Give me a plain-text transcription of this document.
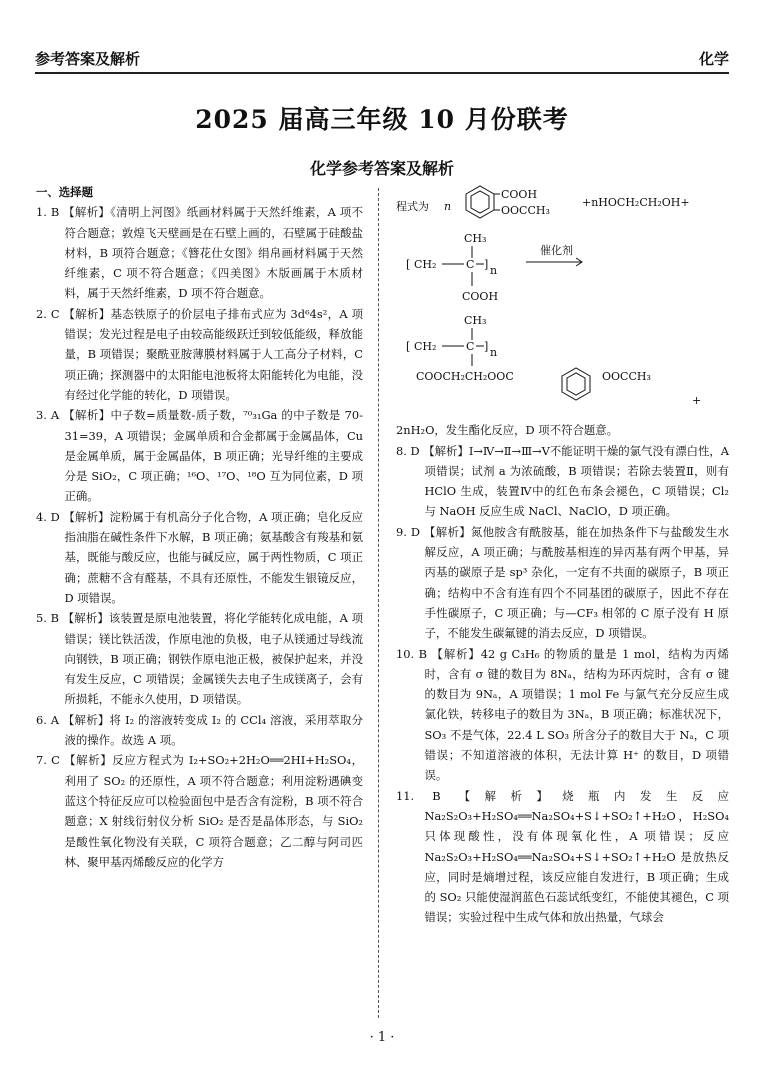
参考答案及解析	化学
2025 届高三年级 10 月份联考
化学参考答案及解析
一、选择题

1. B 【解析】《清明上河图》纸画材料属于天然纤维素，A 项不符合题意；敦煌飞天壁画是在石壁上画的，石壁属于硅酸盐材料，B 项符合题意；《簪花仕女图》绢帛画材料属于天然纤维素，C 项不符合题意；《四美图》木版画属于木质材料，属于天然纤维素，D 项不符合题意。

2. C 【解析】基态铁原子的价层电子排布式应为 3d⁶4s²，A 项错误；发光过程是电子由较高能级跃迁到较低能级，释放能量，B 项错误；聚酰亚胺薄膜材料属于人工高分子材料，C 项正确；探测器中的太阳能电池板将太阳能转化为电能，没有经过化学能的转化，D 项错误。

3. A 【解析】中子数=质量数-质子数，⁷⁰₃₁Ga 的中子数是 70-31=39，A 项错误；金属单质和合金都属于金属晶体，Cu 是金属单质，属于金属晶体，B 项正确；光导纤维的主要成分是 SiO₂，C 项正确；¹⁶O、¹⁷O、¹⁸O 互为同位素，D 项正确。

4. D 【解析】淀粉属于有机高分子化合物，A 项正确；皂化反应指油脂在碱性条件下水解，B 项正确；氨基酸含有羧基和氨基，既能与酸反应，也能与碱反应，属于两性物质，C 项正确；蔗糖不含有醛基，不具有还原性，不能发生银镜反应，D 项错误。

5. B 【解析】该装置是原电池装置，将化学能转化成电能，A 项错误；镁比铁活泼，作原电池的负极，电子从镁通过导线流向钢铁，B 项正确；钢铁作原电池正极，被保护起来，并没有发生反应，C 项错误；金属镁失去电子生成镁离子，会有所损耗，不能永久使用，D 项错误。

6. A 【解析】将 I₂ 的溶液转变成 I₂ 的 CCl₄ 溶液，采用萃取分液的操作。故选 A 项。

7. C 【解析】反应方程式为 I₂+SO₂+2H₂O══2HI+H₂SO₄，利用了 SO₂ 的还原性，A 项不符合题意；利用淀粉遇碘变蓝这个特征反应可以检验面包中是否含有淀粉，B 项不符合题意；X 射线衍射仪分析 SiO₂ 是否是晶体形态，与 SiO₂ 是酸性氧化物没有关联，C 项符合题意；乙二醇与阿司匹林、聚甲基丙烯酸反应的化学方

程式为 n
COOH
OOCCH₃
+nHOCH₂CH₂OH+
CH₃
[ CH₂	C ] n
COOH
催化剂
CH₃
[ CH₂	C ] n
COOCH₂CH₂OOC	OOCCH₃
+

2nH₂O，发生酯化反应，D 项不符合题意。

8. D 【解析】Ⅰ→Ⅳ→Ⅱ→Ⅲ→Ⅴ不能证明干燥的氯气没有漂白性，A 项错误；试剂 a 为浓硫酸，B 项错误；若除去装置Ⅱ，则有 HClO 生成，装置Ⅳ中的红色布条会褪色，C 项错误；Cl₂ 与 NaOH 反应生成 NaCl、NaClO，D 项正确。

9. D 【解析】氮他胺含有酰胺基，能在加热条件下与盐酸发生水解反应，A 项正确；与酰胺基相连的异丙基有两个甲基，异丙基的碳原子是 sp³ 杂化，一定有不共面的碳原子，B 项正确；结构中不含有连有四个不同基团的碳原子，因此不存在手性碳原子，C 项正确；与—CF₃ 相邻的 C 原子没有 H 原子，不能发生碳氟键的消去反应，D 项错误。

10. B 【解析】42 g C₃H₆ 的物质的量是 1 mol，结构为丙烯时，含有 σ 键的数目为 8Nₐ，结构为环丙烷时，含有 σ 键的数目为 9Nₐ，A 项错误；1 mol Fe 与氯气充分反应生成氯化铁，转移电子的数目为 3Nₐ，B 项正确；标准状况下，SO₃ 不是气体，22.4 L SO₃ 所含分子的数目大于 Nₐ，C 项错误；不知道溶液的体积，无法计算 H⁺ 的数目，D 项错误。

11. B 【解析】烧瓶内发生反应 Na₂S₂O₃+H₂SO₄══Na₂SO₄+S↓+SO₂↑+H₂O，H₂SO₄ 只体现酸性，没有体现氧化性，A 项错误；反应 Na₂S₂O₃+H₂SO₄══Na₂SO₄+S↓+SO₂↑+H₂O 是放热反应，同时是熵增过程，该反应能自发进行，B 项正确；生成的 SO₂ 只能使湿润蓝色石蕊试纸变红，不能使其褪色，C 项错误；实验过程中生成气体和放出热量，气球会

· 1 ·
